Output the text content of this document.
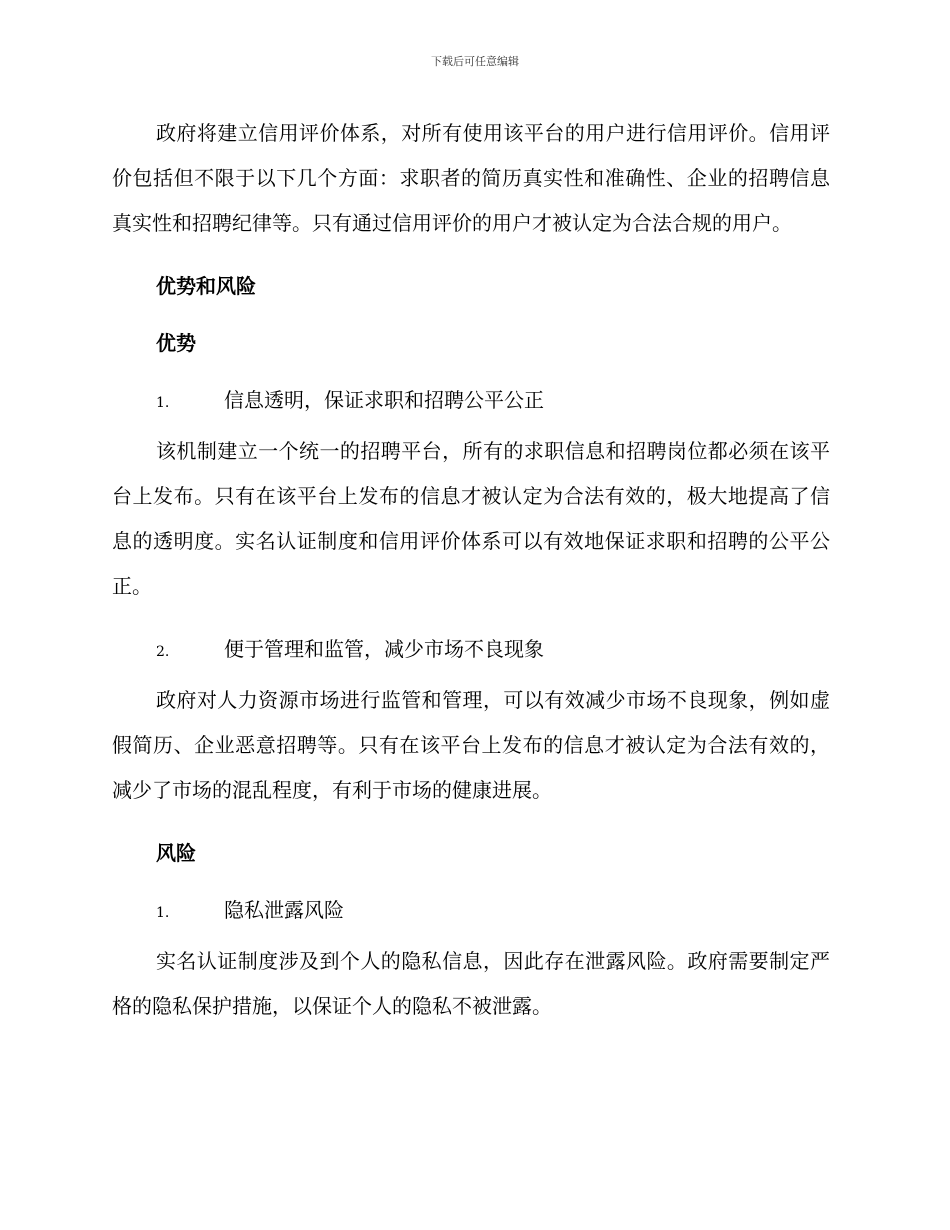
下载后可任意编辑

政府将建立信用评价体系，对所有使用该平台的用户进行信用评价。信用评价包括但不限于以下几个方面：求职者的简历真实性和准确性、企业的招聘信息真实性和招聘纪律等。只有通过信用评价的用户才被认定为合法合规的用户。

优势和风险
优势
1.	信息透明，保证求职和招聘公平公正

该机制建立一个统一的招聘平台，所有的求职信息和招聘岗位都必须在该平台上发布。只有在该平台上发布的信息才被认定为合法有效的，极大地提高了信息的透明度。实名认证制度和信用评价体系可以有效地保证求职和招聘的公平公正。

2.	便于管理和监管，减少市场不良现象

政府对人力资源市场进行监管和管理，可以有效减少市场不良现象，例如虚假简历、企业恶意招聘等。只有在该平台上发布的信息才被认定为合法有效的，减少了市场的混乱程度，有利于市场的健康进展。

风险
1.	隐私泄露风险

实名认证制度涉及到个人的隐私信息，因此存在泄露风险。政府需要制定严格的隐私保护措施，以保证个人的隐私不被泄露。
